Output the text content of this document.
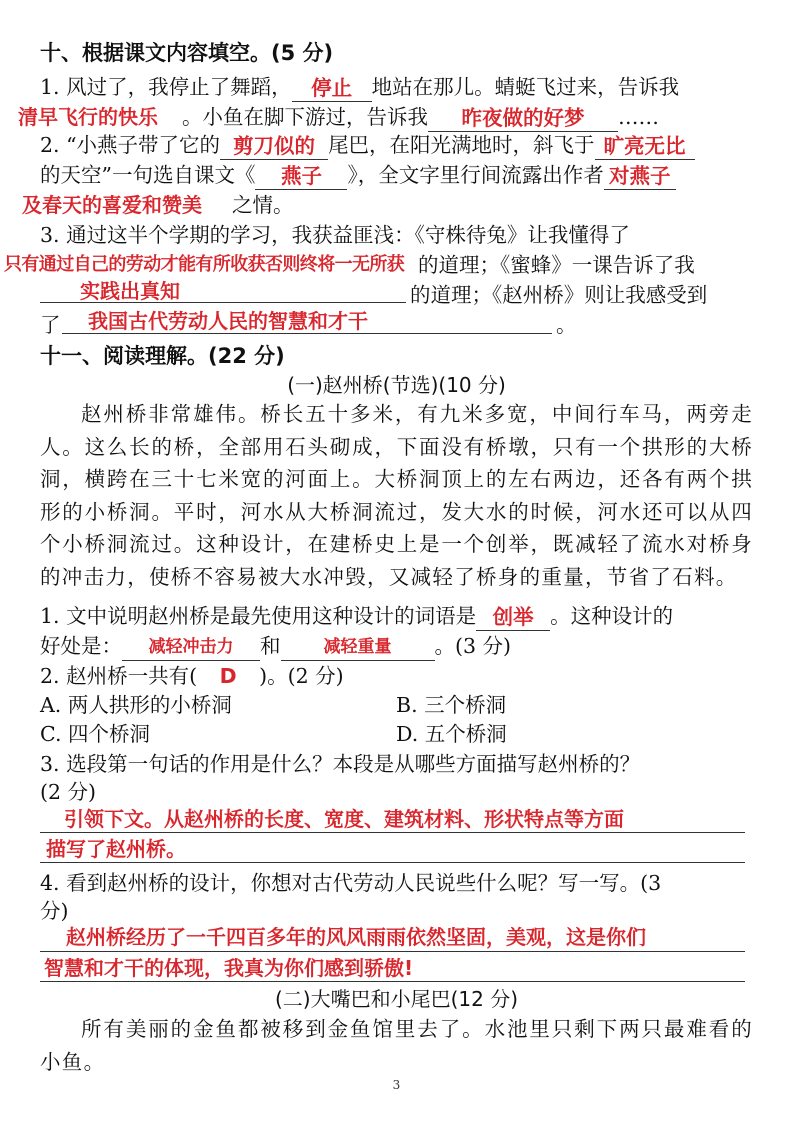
十、根据课文内容填空。(5 分)
1. 风过了，我停止了舞蹈， 停止 地站在那儿。蜻蜓飞过来，告诉我
清早飞行的快乐 。小鱼在脚下游过，告诉我 昨夜做的好梦 ……
2. “小燕子带了它的 剪刀似的 尾巴，在阳光满地时，斜飞于 旷亮无比
的天空”一句选自课文《 燕子 》，全文字里行间流露出作者 对燕子
及春天的喜爱和赞美 之情。
3. 通过这半个学期的学习，我获益匪浅：《守株待兔》让我懂得了
只有通过自己的劳动才能有所收获否则终将一无所获 的道理；《蜜蜂》一课告诉了我
实践出真知	的道理；《赵州桥》则让我感受到
了 我国古代劳动人民的智慧和才干	。
十一、阅读理解。(22 分)
(一)赵州桥(节选)(10 分)
赵州桥非常雄伟。桥长五十多米，有九米多宽，中间行车马，两旁走人。这么长的桥，全部用石头砌成，下面没有桥墩，只有一个拱形的大桥洞，横跨在三十七米宽的河面上。大桥洞顶上的左右两边，还各有两个拱形的小桥洞。平时，河水从大桥洞流过，发大水的时候，河水还可以从四个小桥洞流过。这种设计，在建桥史上是一个创举，既减轻了流水对桥身的冲击力，使桥不容易被大水冲毁，又减轻了桥身的重量，节省了石料。
1. 文中说明赵州桥是最先使用这种设计的词语是 创举 。这种设计的
好处是： 减轻冲击力 和	减轻重量 。(3 分)
2. 赵州桥一共有( D )。(2 分)
A. 两人拱形的小桥洞	B. 三个桥洞
C. 四个桥洞	D. 五个桥洞
3. 选段第一句话的作用是什么？本段是从哪些方面描写赵州桥的？
(2 分)
引领下文。从赵州桥的长度、宽度、建筑材料、形状特点等方面
描写了赵州桥。
4. 看到赵州桥的设计，你想对古代劳动人民说些什么呢？写一写。(3
分)
赵州桥经历了一千四百多年的风风雨雨依然坚固，美观，这是你们
智慧和才干的体现，我真为你们感到骄傲!
(二)大嘴巴和小尾巴(12 分)
所有美丽的金鱼都被移到金鱼馆里去了。水池里只剩下两只最难看的小鱼。
3
